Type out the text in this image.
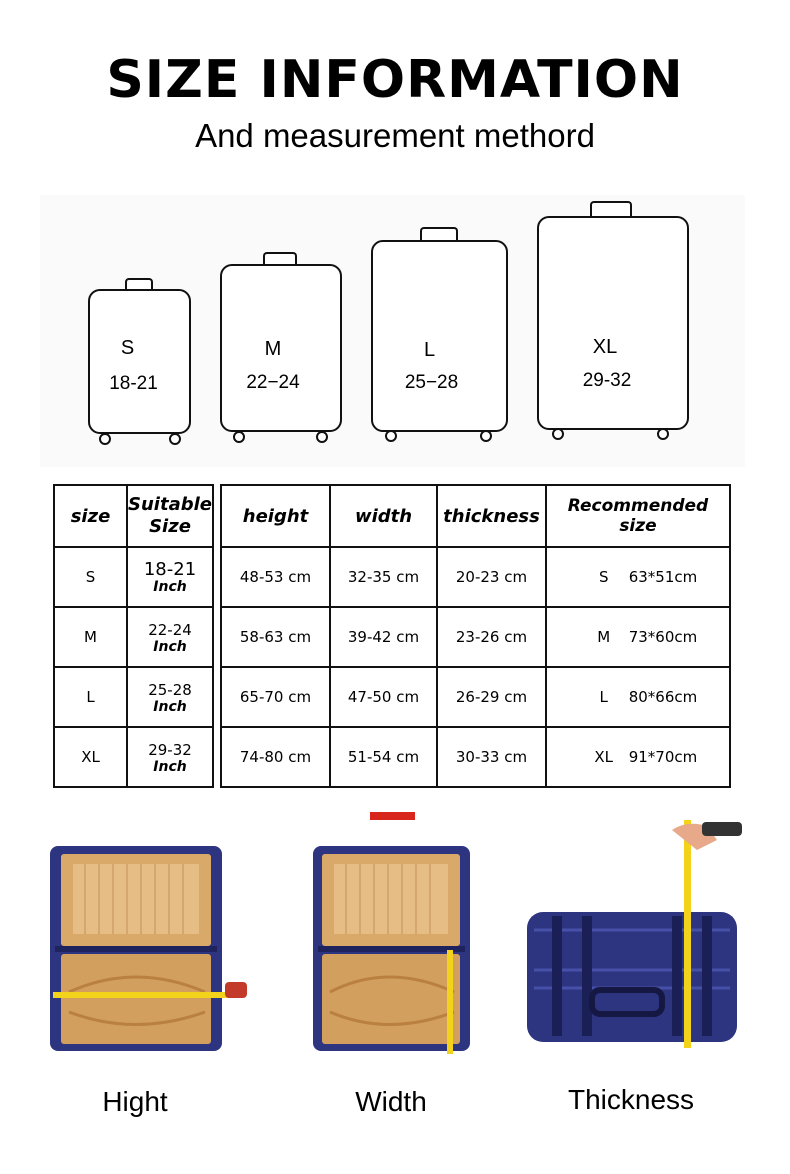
SIZE INFORMATION
And measurement methord
S
18-21
M
22−24
L
25−28
XL
29-32
size	Suitable
Size
S	18-21
Inch

M	22-24
Inch

L	25-28
Inch

XL	29-32
Inch
height	width	thickness	Recommended size
48-53 cm	32-35 cm	20-23 cm	S 63*51cm
58-63 cm	39-42 cm	23-26 cm	M 73*60cm
65-70 cm	47-50 cm	26-29 cm	L 80*66cm
74-80 cm	51-54 cm	30-33 cm	XL 91*70cm
Hight	Width	Thickness
